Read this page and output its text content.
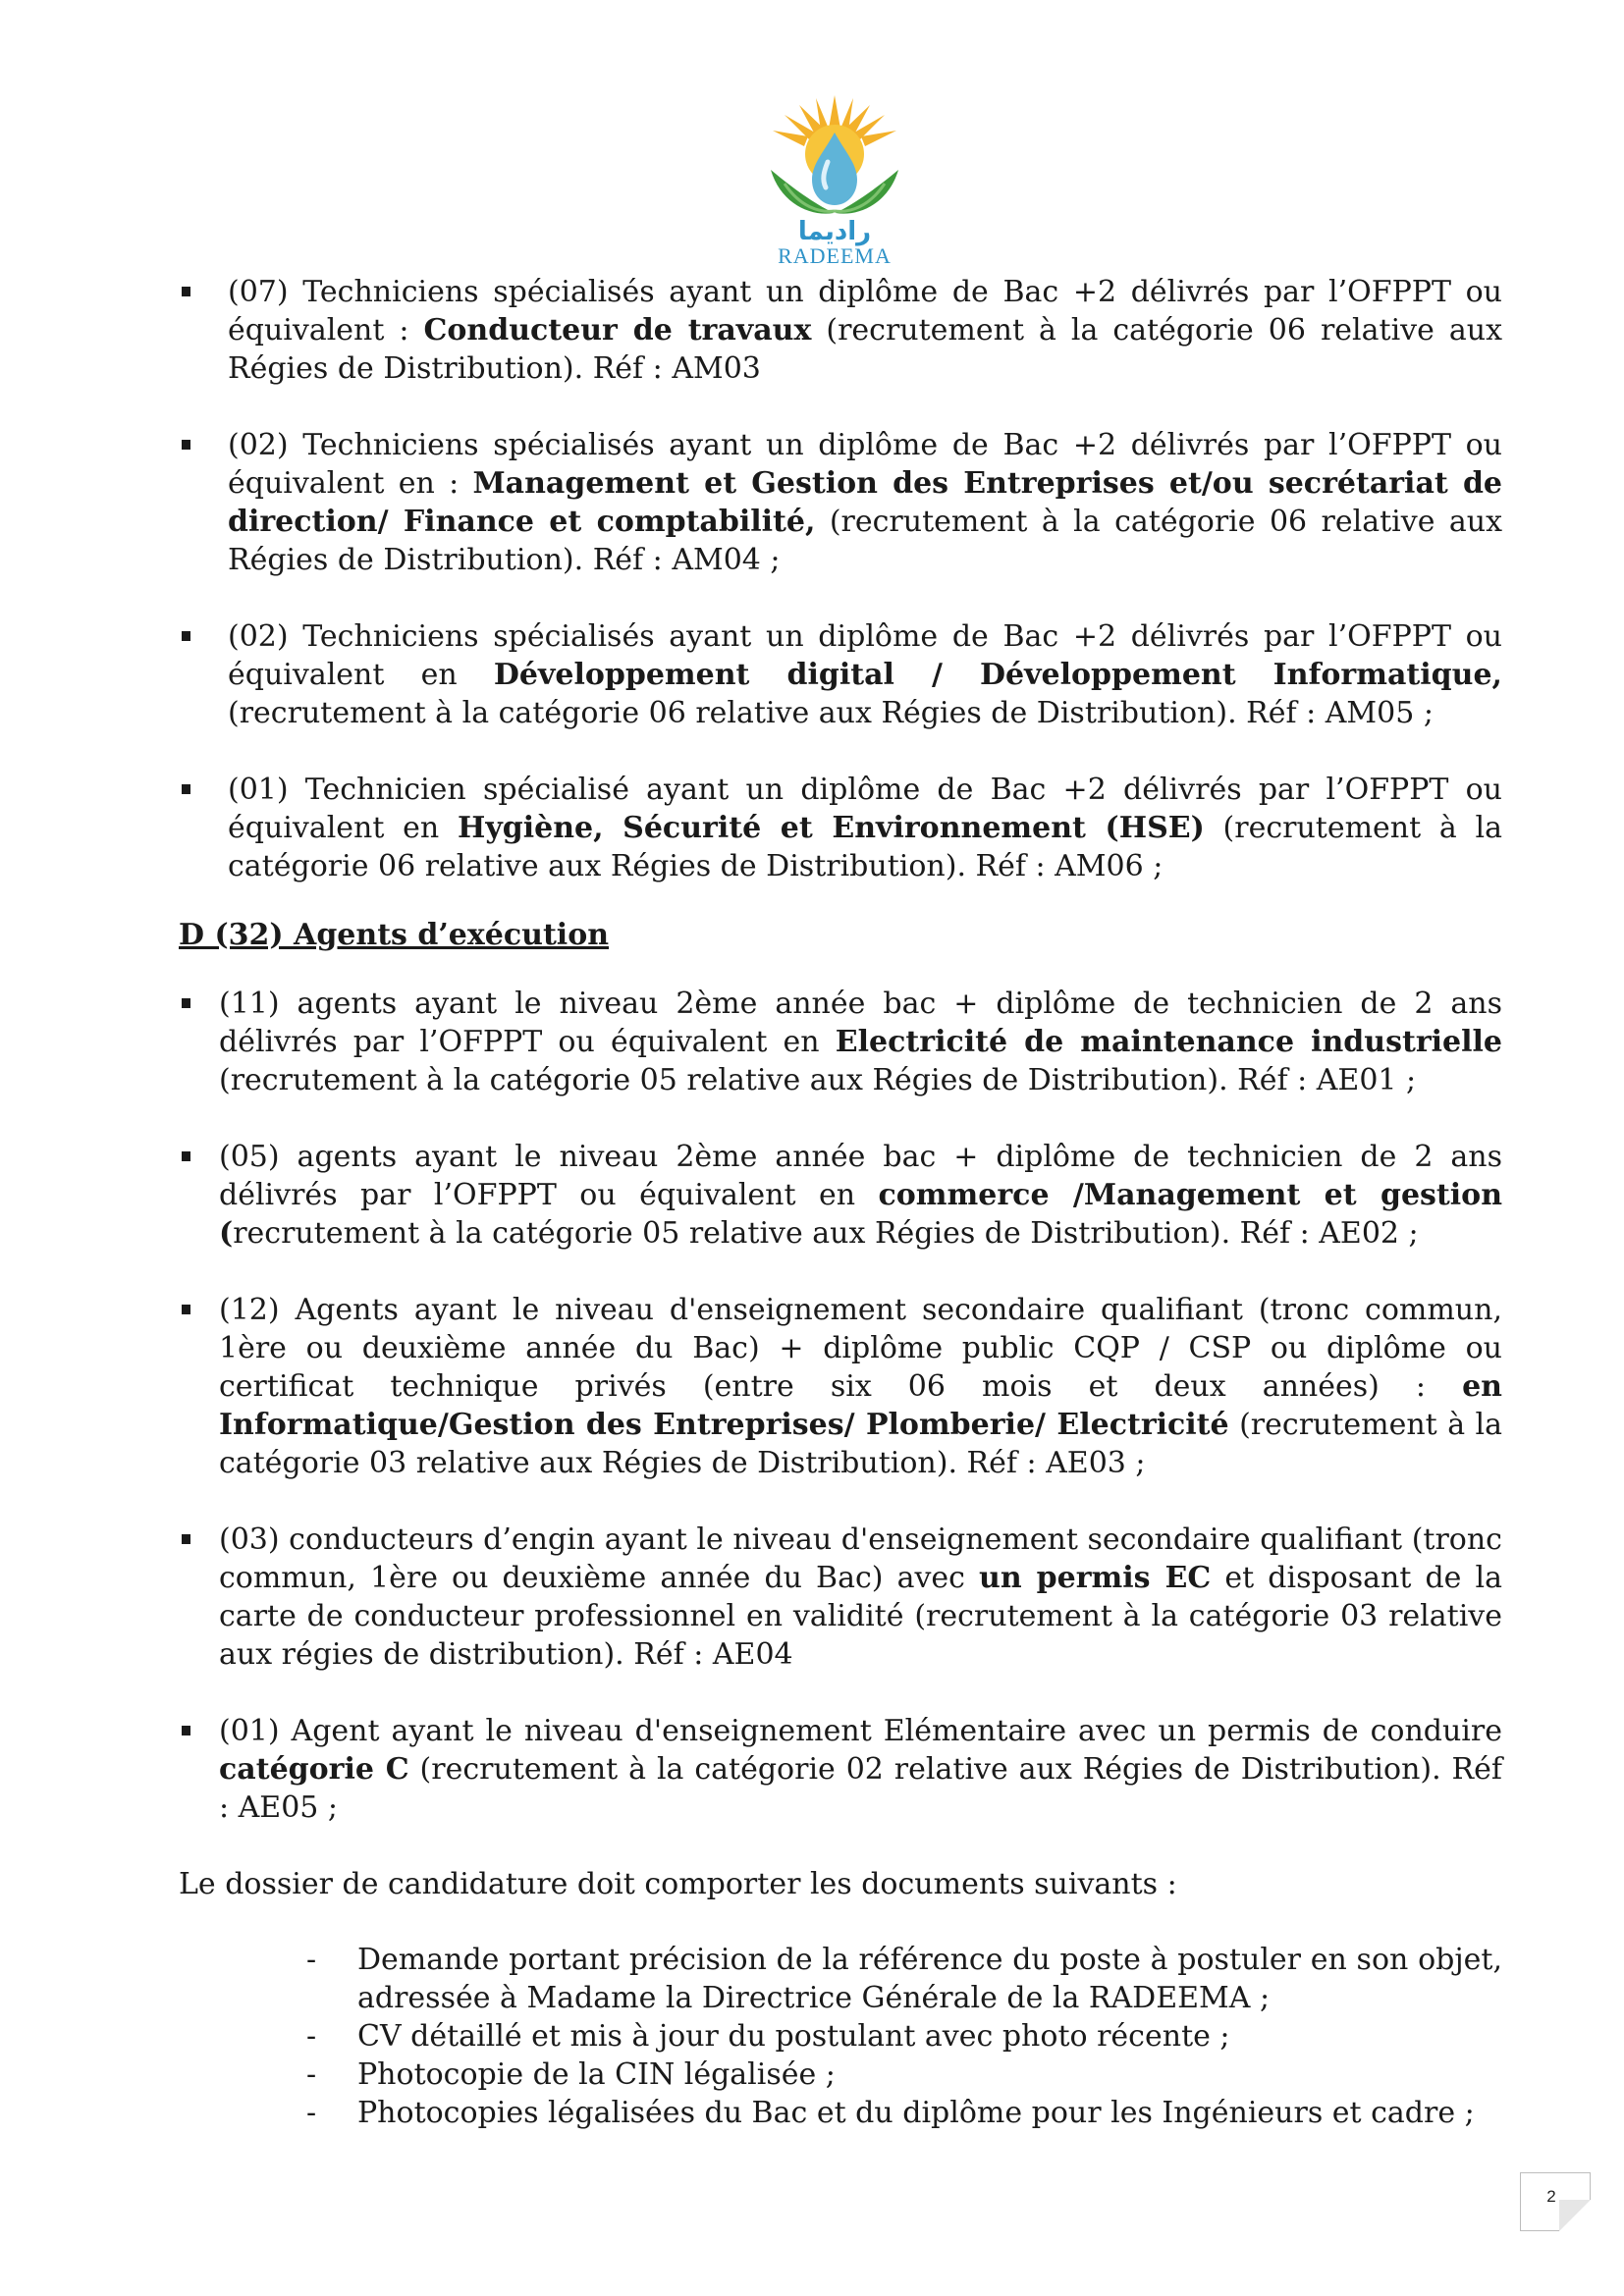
راديما
RADEEMA
(07) Techniciens spécialisés ayant un diplôme de Bac +2 délivrés par l’OFPPT ou équivalent : Conducteur de travaux (recrutement à la catégorie 06 relative aux Régies de Distribution). Réf : AM03
(02) Techniciens spécialisés ayant un diplôme de Bac +2 délivrés par l’OFPPT ou équivalent en : Management et Gestion des Entreprises et/ou secrétariat de direction/ Finance et comptabilité, (recrutement à la catégorie 06 relative aux Régies de Distribution). Réf : AM04 ;
(02) Techniciens spécialisés ayant un diplôme de Bac +2 délivrés par l’OFPPT ou équivalent en Développement digital / Développement Informatique, (recrutement à la catégorie 06 relative aux Régies de Distribution). Réf : AM05 ;
(01) Technicien spécialisé ayant un diplôme de Bac +2 délivrés par l’OFPPT ou équivalent en Hygiène, Sécurité et Environnement (HSE) (recrutement à la catégorie 06 relative aux Régies de Distribution). Réf : AM06 ;
D (32) Agents d’exécution
(11) agents ayant le niveau 2ème année bac + diplôme de technicien de 2 ans délivrés par l’OFPPT ou équivalent en Electricité de maintenance industrielle (recrutement à la catégorie 05 relative aux Régies de Distribution). Réf : AE01 ;
(05) agents ayant le niveau 2ème année bac + diplôme de technicien de 2 ans délivrés par l’OFPPT ou équivalent en commerce /Management et gestion (recrutement à la catégorie 05 relative aux Régies de Distribution). Réf : AE02 ;
(12) Agents ayant le niveau d'enseignement secondaire qualifiant (tronc commun, 1ère ou deuxième année du Bac) + diplôme public CQP / CSP ou diplôme ou certificat technique privés (entre six 06 mois et deux années) : en Informatique/Gestion des Entreprises/ Plomberie/ Electricité (recrutement à la catégorie 03 relative aux Régies de Distribution). Réf : AE03 ;
(03) conducteurs d’engin ayant le niveau d'enseignement secondaire qualifiant (tronc commun, 1ère ou deuxième année du Bac) avec un permis EC et disposant de la carte de conducteur professionnel en validité (recrutement à la catégorie 03 relative aux régies de distribution). Réf : AE04
(01) Agent ayant le niveau d'enseignement Elémentaire avec un permis de conduire catégorie C (recrutement à la catégorie 02 relative aux Régies de Distribution). Réf : AE05 ;
Le dossier de candidature doit comporter les documents suivants :
- Demande portant précision de la référence du poste à postuler en son objet, adressée à Madame la Directrice Générale de la RADEEMA ;
- CV détaillé et mis à jour du postulant avec photo récente ;
- Photocopie de la CIN légalisée ;
- Photocopies légalisées du Bac et du diplôme pour les Ingénieurs et cadre ;
2
